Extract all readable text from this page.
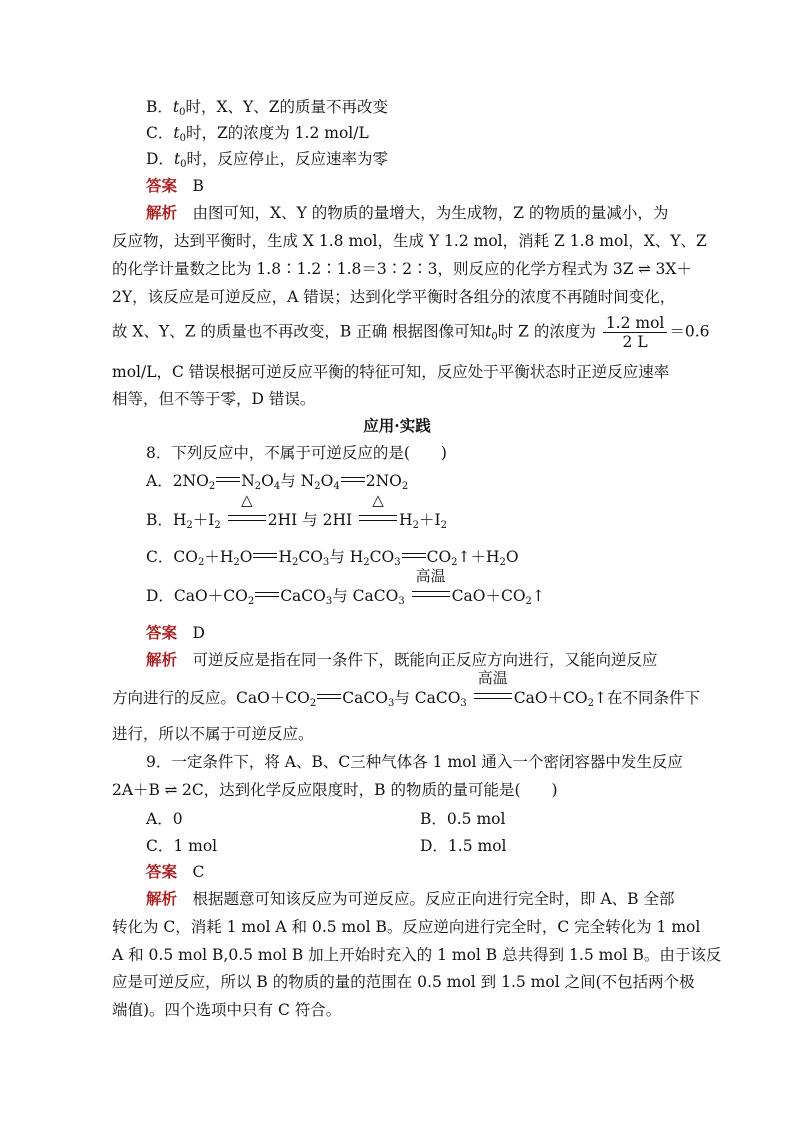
B．$t_0$时，X、Y、Z的质量不再改变
C．$t_0$时，Z的浓度为 1.2 mol/L
D．$t_0$时，反应停止，反应速率为零
答案　 B
解析　 由图可知，X、Y 的物质的量增大，为生成物，Z 的物质的量减小，为
反应物，达到平衡时，生成 X 1.8 mol，生成 Y 1.2 mol，消耗 Z 1.8 mol，X、Y、Z
的化学计量数之比为 1.8∶1.2∶1.8＝3∶2∶3，则反应的化学方程式为 3Z ⇌ 3X＋
2Y，该反应是可逆反应，A 错误；达到化学平衡时各组分的浓度不再随时间变化，
故 X、Y、Z 的质量也不再改变，B 正确 根据图像可知$t_0$时 Z 的浓度为 $\frac{\text{1.2 mol}}{2 L} =0.6$
mol/L，C 错误根据可逆反应平衡的特征可知，反应处于平衡状态时正逆反应速率
相等，但不等于零，D 错误。
应用·实践
8．下列反应中，不属于可逆反应的是(　　)
A．$2NO_2$ $N_2O_4$与 $N_2O_4$ $2NO_2$
B．$H_2+I_2$
△
2HI 与 2HI
△
$H_2+I_2$
C．$CO_2+H_2O$ $H_2CO_3$与 $H_2CO_3$ $CO_2↑+H_2O$
D．$CaO+CO_2$ CaCO$_3$与 CaCO$_3$
高温
$CaO+CO_2↑$
答案　 D
解析　 可逆反应是指在同一条件下，既能向正反应方向进行，又能向逆反应
方向进行的反应。$CaO+CO_2$ CaCO$_3$与 CaCO$_3$
高温
$CaO+CO_2↑$在不同条件下
进行，所以不属于可逆反应。
9．一定条件下，将 A、B、C三种气体各 1 mol 通入一个密闭容器中发生反应
2A＋B ⇌ 2C，达到化学反应限度时，B 的物质的量可能是(　　)
A．0	B．0.5 mol
C．1 mol	D．1.5 mol
答案　 C
解析　 根据题意可知该反应为可逆反应。反应正向进行完全时，即 A、B 全部
转化为 C，消耗 1 mol A 和 0.5 mol B。反应逆向进行完全时，C 完全转化为 1 mol
A 和 0.5 mol B,0.5 mol B 加上开始时充入的 1 mol B 总共得到 1.5 mol B。由于该反
应是可逆反应，所以 B 的物质的量的范围在 0.5 mol 到 1.5 mol 之间(不包括两个极
端值)。四个选项中只有 C 符合。
